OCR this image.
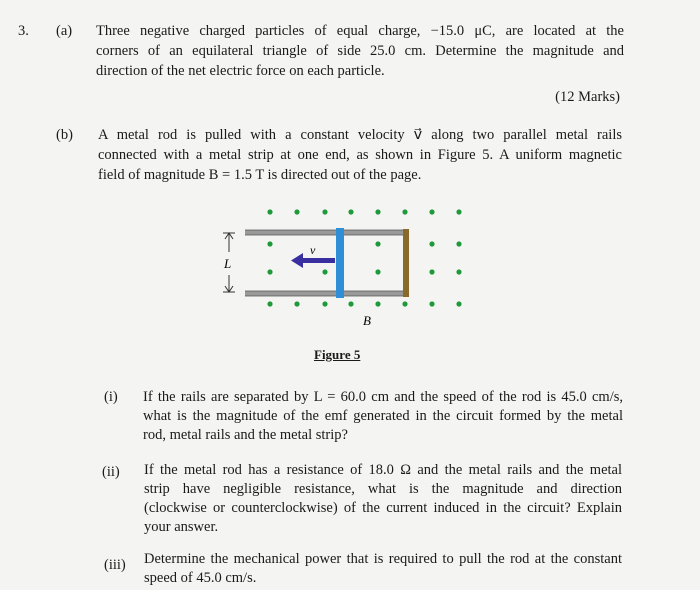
3. (a) Three negative charged particles of equal charge, −15.0 μC, are located at the
corners of an equilateral triangle of side 25.0 cm. Determine the magnitude and
direction of the net electric force on each particle.
(12 Marks)
(b) A metal rod is pulled with a constant velocity v⃗ along two parallel metal rails
connected with a metal strip at one end, as shown in Figure 5. A uniform magnetic
field of magnitude B = 1.5 T is directed out of the page.
L
v⃗
B⃗
Figure 5
(i) If the rails are separated by L = 60.0 cm and the speed of the rod is 45.0 cm/s,
what is the magnitude of the emf generated in the circuit formed by the metal
rod, metal rails and the metal strip?
(ii) If the metal rod has a resistance of 18.0 Ω and the metal rails and the metal
strip have negligible resistance, what is the magnitude and direction
(clockwise or counterclockwise) of the current induced in the circuit? Explain
your answer.
(iii) Determine the mechanical power that is required to pull the rod at the constant
speed of 45.0 cm/s.
